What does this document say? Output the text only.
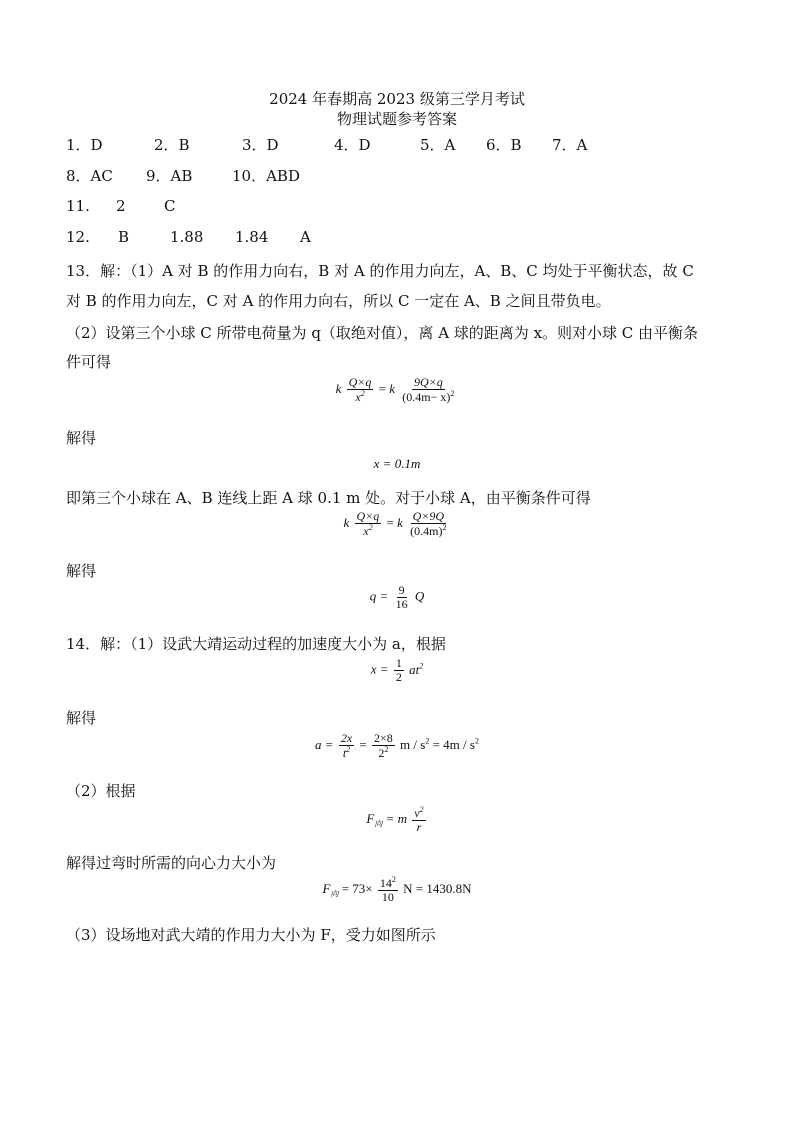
2024 年春期高 2023 级第三学月考试
物理试题参考答案
1．D	2．B	3．D	4．D	5．A 6．B 7．A
8．AC 9．AB	10．ABD
11. 2	C
12. B	1.88 1.84 A
13．解：（1）A 对 B 的作用力向右，B 对 A 的作用力向左，A、B、C 均处于平衡状态，故 C
对 B 的作用力向左，C 对 A 的作用力向右，所以 C 一定在 A、B 之间且带负电。
（2）设第三个小球 C 所带电荷量为 q（取绝对值），离 A 球的距离为 x。则对小球 C 由平衡条
件可得
k $\frac{Q\times q}{x^2} = k \frac{9Q\times q}{(0.4m- x)^2}$
解得
x = 0.1m
即第三个小球在 A、B 连线上距 A 球 0.1 m 处。对于小球 A，由平衡条件可得
k $\frac{Q\times q}{x^2} = k \frac{Q\times 9Q}{(0.4m)^2}$
解得
$q = \frac{9}{16}$ Q
14．解：（1）设武大靖运动过程的加速度大小为 a，根据
$x = \frac{1}{2} at^2$
解得
$a = \frac{2x}{t^2} = \frac{2\times 8}{2^2}$ $m / s^2 = 4m / s^2$
（2）根据
$F_向 = m \frac{v^2}{r}$
解得过弯时所需的向心力大小为
$F_向 = 73\times \frac{14^2}{10}$ N = 1430.8N
（3）设场地对武大靖的作用力大小为 F，受力如图所示
